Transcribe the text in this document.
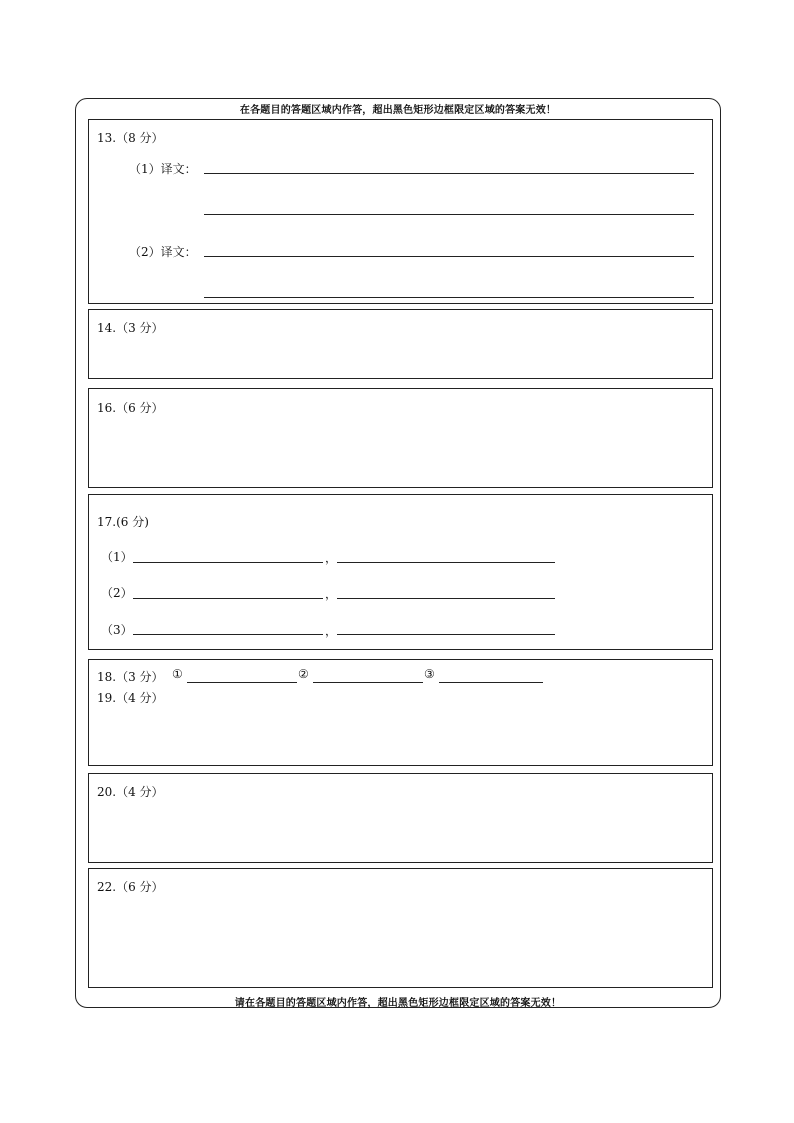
在各题目的答题区域内作答，超出黑色矩形边框限定区域的答案无效！
13.（8 分）
（1）译文：
（2）译文：
14.（3 分）
16.（6 分）
17.(6 分)
（1）	，
（2）	，
（3）	，
18.（3 分） ①	②	③
19.（4 分）
20.（4 分）
22.（6 分）
请在各题目的答题区域内作答，超出黑色矩形边框限定区域的答案无效！
